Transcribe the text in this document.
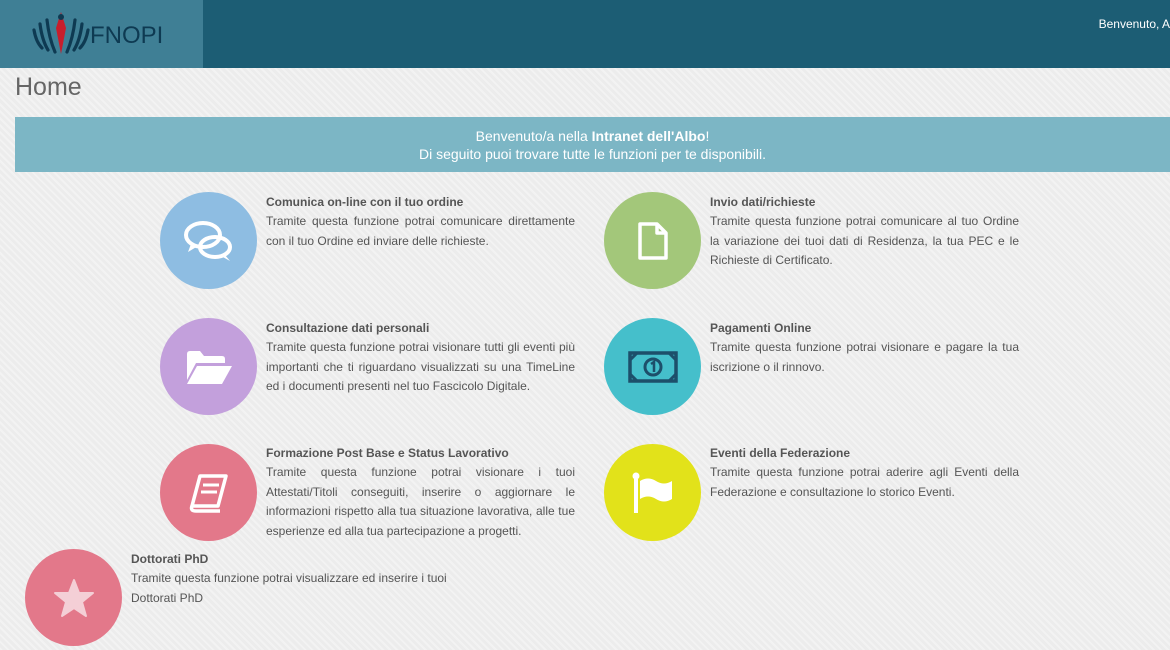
FNOPI	Benvenuto, A
Home
Benvenuto/a nella Intranet dell'Albo!
Di seguito puoi trovare tutte le funzioni per te disponibili.
Comunica on-line con il tuo ordine
Tramite questa funzione potrai comunicare direttamente con il tuo Ordine ed inviare delle richieste.
Invio dati/richieste
Tramite questa funzione potrai comunicare al tuo Ordine la variazione dei tuoi dati di Residenza, la tua PEC e le Richieste di Certificato.
Consultazione dati personali
Tramite questa funzione potrai visionare tutti gli eventi più importanti che ti riguardano visualizzati su una TimeLine ed i documenti presenti nel tuo Fascicolo Digitale.
Pagamenti Online
Tramite questa funzione potrai visionare e pagare la tua iscrizione o il rinnovo.
Formazione Post Base e Status Lavorativo
Tramite questa funzione potrai visionare i tuoi Attestati/Titoli conseguiti, inserire o aggiornare le informazioni rispetto alla tua situazione lavorativa, alle tue esperienze ed alla tua partecipazione a progetti.
Eventi della Federazione
Tramite questa funzione potrai aderire agli Eventi della Federazione e consultazione lo storico Eventi.
Dottorati PhD
Tramite questa funzione potrai visualizzare ed inserire i tuoi Dottorati PhD
